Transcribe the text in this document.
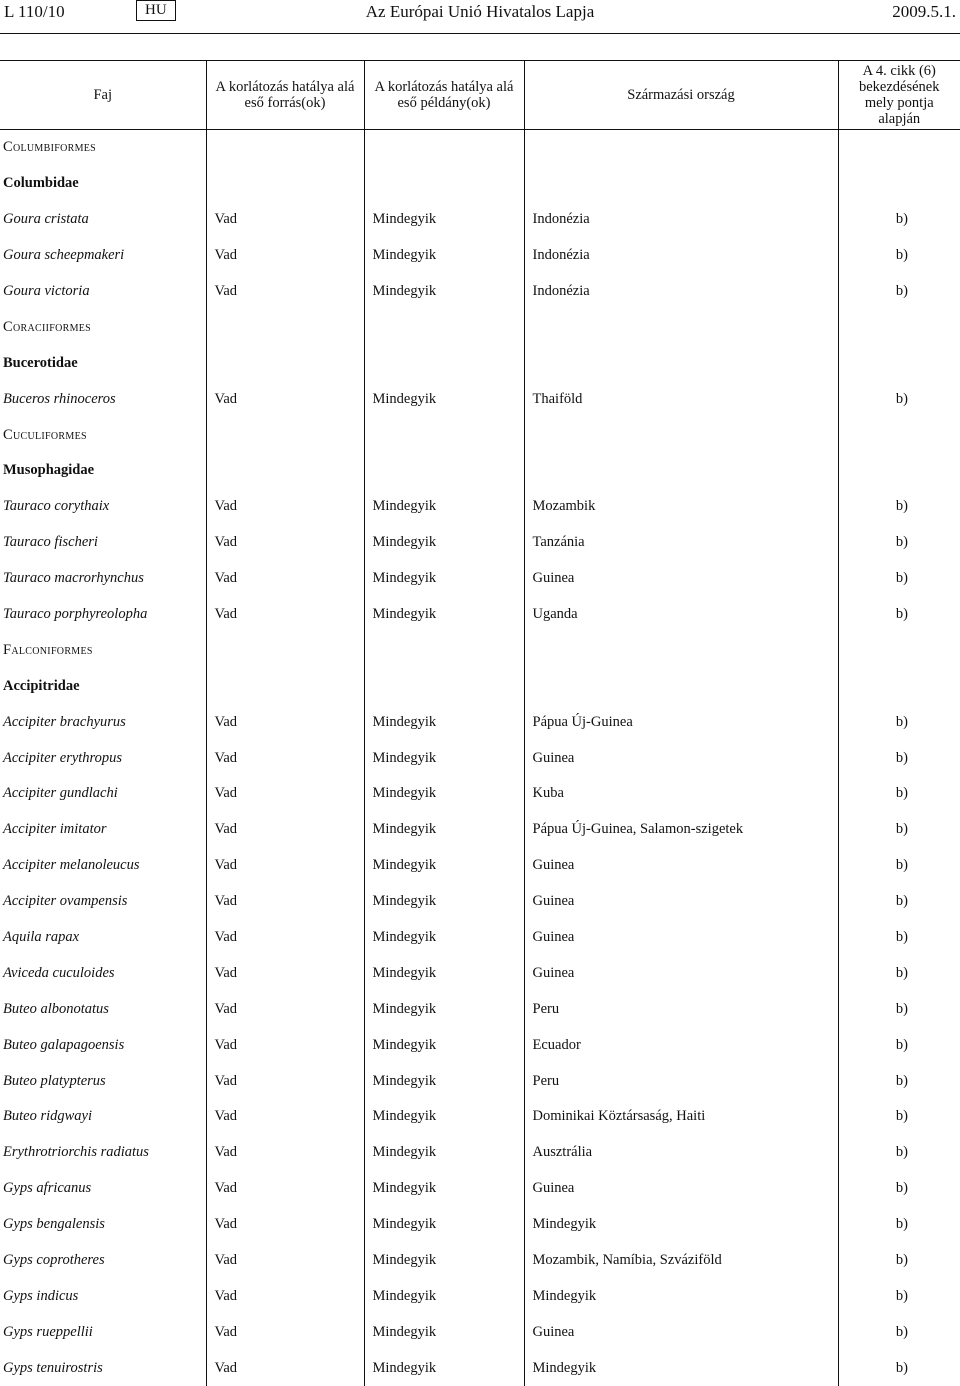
L 110/10	HU	Az Európai Unió Hivatalos Lapja	2009.5.1.
Faj	A korlátozás hatálya alá eső forrás(ok)	A korlátozás hatálya alá eső példány(ok)	Származási ország	A 4. cikk (6) bekezdésének mely pontja alapján
Columbiformes				
Columbidae				
Goura cristata	Vad	Mindegyik	Indonézia	b)
Goura scheepmakeri	Vad	Mindegyik	Indonézia	b)
Goura victoria	Vad	Mindegyik	Indonézia	b)
Coraciiformes				
Bucerotidae				
Buceros rhinoceros	Vad	Mindegyik	Thaiföld	b)
Cuculiformes				
Musophagidae				
Tauraco corythaix	Vad	Mindegyik	Mozambik	b)
Tauraco fischeri	Vad	Mindegyik	Tanzánia	b)
Tauraco macrorhynchus	Vad	Mindegyik	Guinea	b)
Tauraco porphyreolopha	Vad	Mindegyik	Uganda	b)
Falconiformes				
Accipitridae				
Accipiter brachyurus	Vad	Mindegyik	Pápua Új-Guinea	b)
Accipiter erythropus	Vad	Mindegyik	Guinea	b)
Accipiter gundlachi	Vad	Mindegyik	Kuba	b)
Accipiter imitator	Vad	Mindegyik	Pápua Új-Guinea, Salamon-szigetek	b)
Accipiter melanoleucus	Vad	Mindegyik	Guinea	b)
Accipiter ovampensis	Vad	Mindegyik	Guinea	b)
Aquila rapax	Vad	Mindegyik	Guinea	b)
Aviceda cuculoides	Vad	Mindegyik	Guinea	b)
Buteo albonotatus	Vad	Mindegyik	Peru	b)
Buteo galapagoensis	Vad	Mindegyik	Ecuador	b)
Buteo platypterus	Vad	Mindegyik	Peru	b)
Buteo ridgwayi	Vad	Mindegyik	Dominikai Köztársaság, Haiti	b)
Erythrotriorchis radiatus	Vad	Mindegyik	Ausztrália	b)
Gyps africanus	Vad	Mindegyik	Guinea	b)
Gyps bengalensis	Vad	Mindegyik	Mindegyik	b)
Gyps coprotheres	Vad	Mindegyik	Mozambik, Namíbia, Szváziföld	b)
Gyps indicus	Vad	Mindegyik	Mindegyik	b)
Gyps rueppellii	Vad	Mindegyik	Guinea	b)
Gyps tenuirostris	Vad	Mindegyik	Mindegyik	b)
